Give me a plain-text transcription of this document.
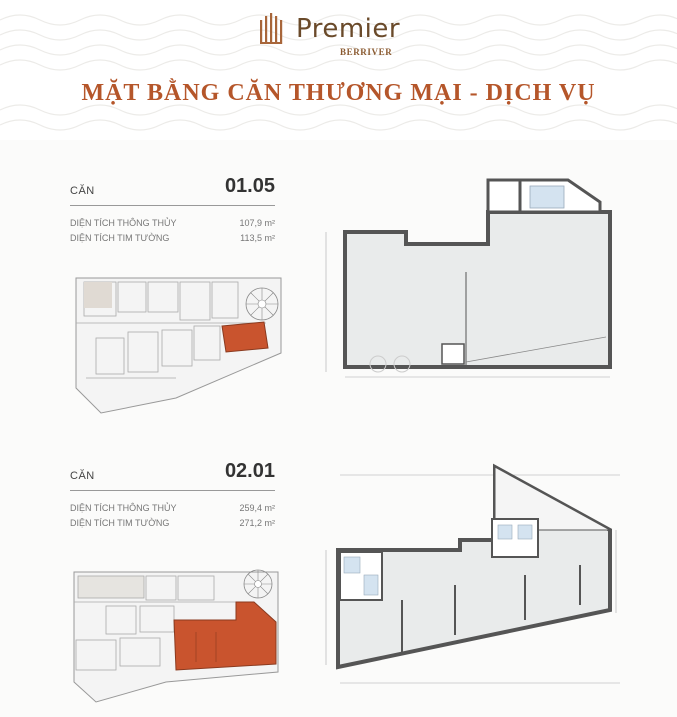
Premier
BERRIVER
MẶT BẰNG CĂN THƯƠNG MẠI - DỊCH VỤ
CĂN	01.05
DIỆN TÍCH THÔNG THỦY	107,9 m²
DIỆN TÍCH TIM TƯỜNG	113,5 m²
CĂN	02.01
DIỆN TÍCH THÔNG THỦY	259,4 m²
DIỆN TÍCH TIM TƯỜNG	271,2 m²
